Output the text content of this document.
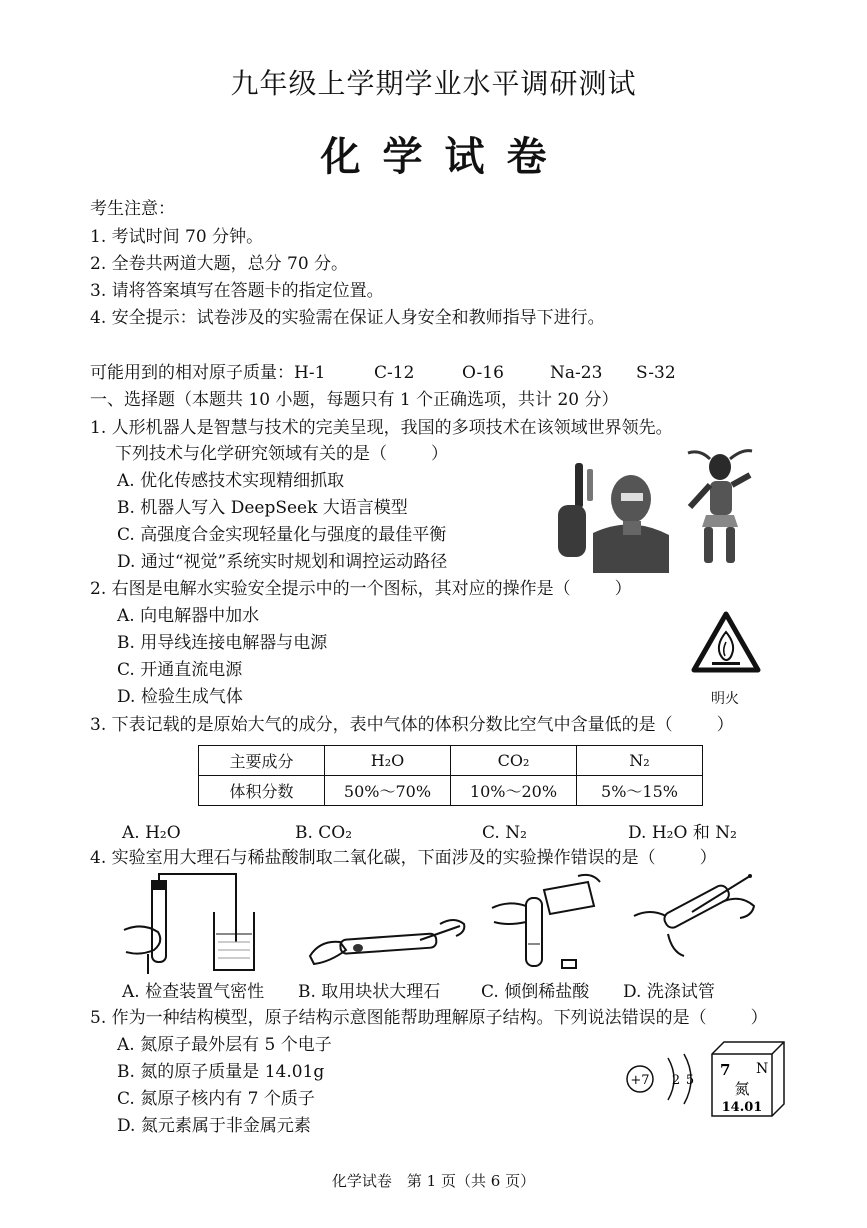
九年级上学期学业水平调研测试
化学试卷
考生注意：
1. 考试时间 70 分钟。
2. 全卷共两道大题，总分 70 分。
3. 请将答案填写在答题卡的指定位置。
4. 安全提示：试卷涉及的实验需在保证人身安全和教师指导下进行。
可能用到的相对原子质量：H-1	C-12	O-16	Na-23 S-32
一、选择题（本题共 10 小题，每题只有 1 个正确选项，共计 20 分）
1. 人形机器人是智慧与技术的完美呈现，我国的多项技术在该领域世界领先。
下列技术与化学研究领域有关的是（	）
A. 优化传感技术实现精细抓取
B. 机器人写入 DeepSeek 大语言模型
C. 高强度合金实现轻量化与强度的最佳平衡
D. 通过“视觉”系统实时规划和调控运动路径
2. 右图是电解水实验安全提示中的一个图标，其对应的操作是（	）
A. 向电解器中加水
B. 用导线连接电解器与电源
C. 开通直流电源
D. 检验生成气体	明火
3. 下表记载的是原始大气的成分，表中气体的体积分数比空气中含量低的是（	）
主要成分	H₂O	CO₂	N₂
体积分数	50%～70%	10%～20%	5%～15%
A. H₂O	B. CO₂	C. N₂	D. H₂O 和 N₂
4. 实验室用大理石与稀盐酸制取二氧化碳，下面涉及的实验操作错误的是（	）
A. 检查装置气密性 B. 取用块状大理石 C. 倾倒稀盐酸 D. 洗涤试管
5. 作为一种结构模型，原子结构示意图能帮助理解原子结构。下列说法错误的是（	）
A. 氮原子最外层有 5 个电子
B. 氮的原子质量是 14.01g
C. 氮原子核内有 7 个质子
D. 氮元素属于非金属元素
+7 2 5
7 N
氮
14.01
化学试卷　第 1 页（共 6 页）
